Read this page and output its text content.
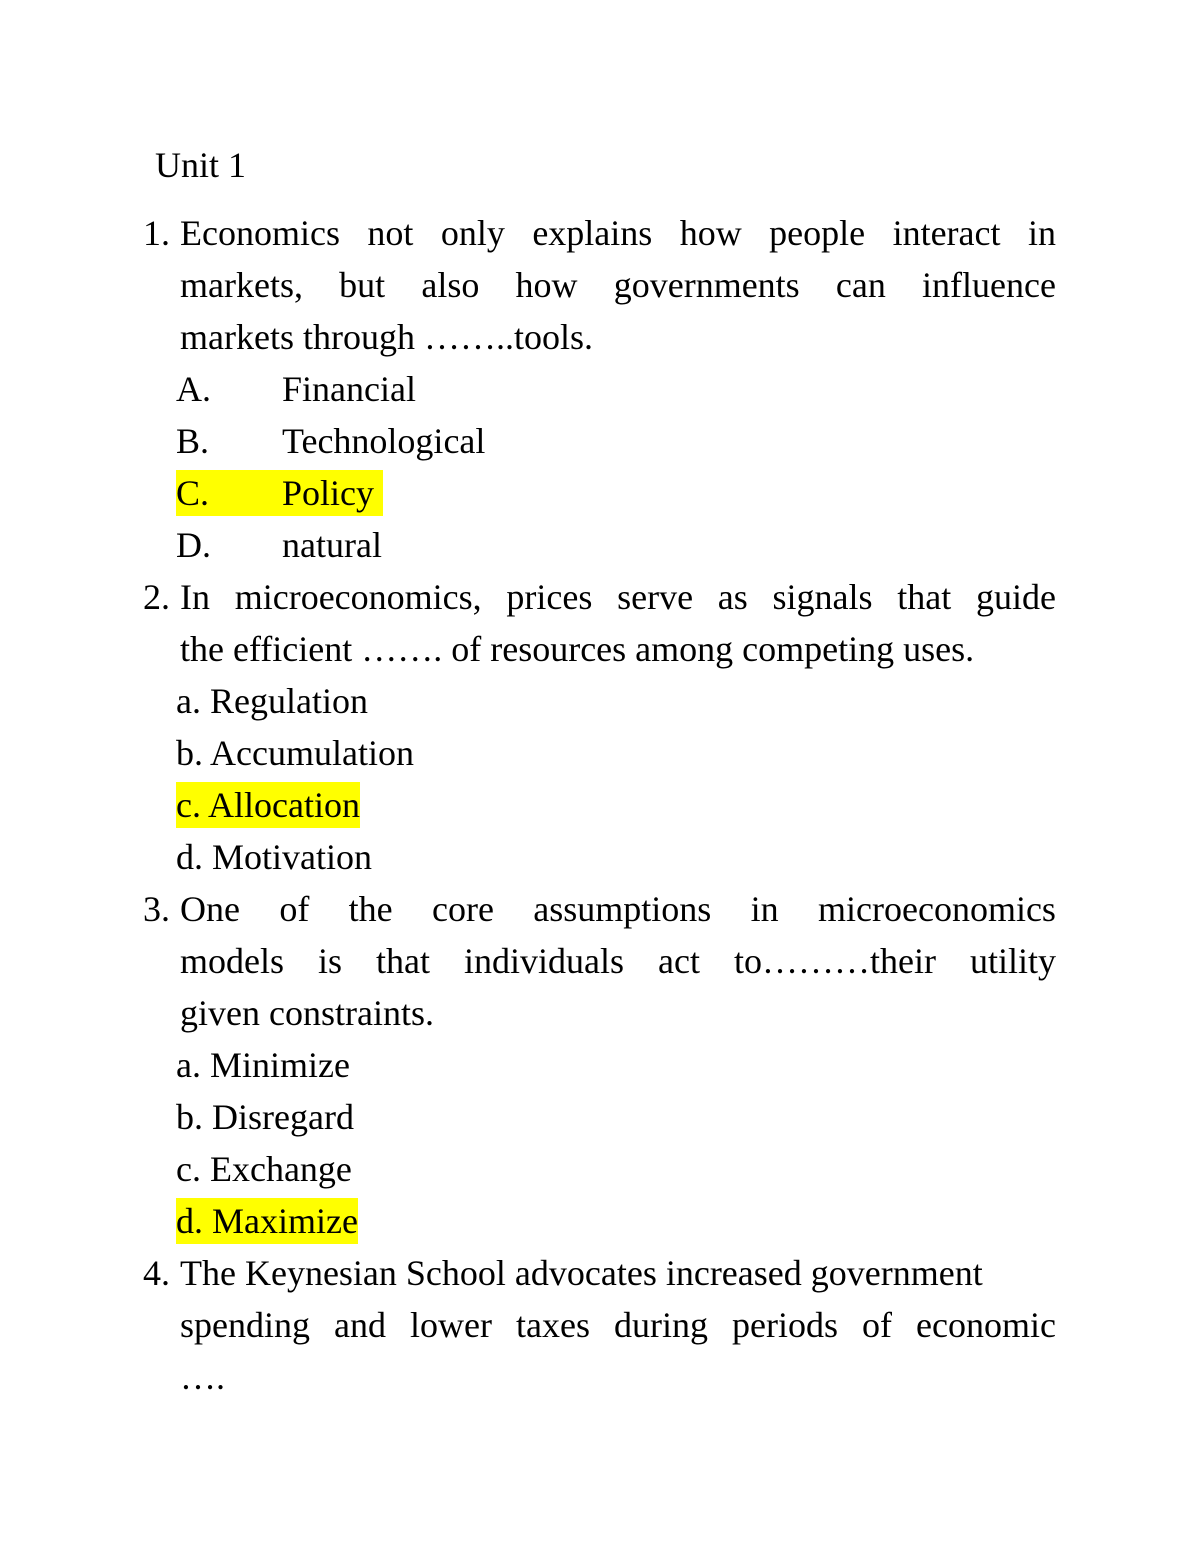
Unit 1
1. Economics not only explains how people interact in
markets, but also how governments can influence
markets through ……..tools.
A. Financial
B. Technological
C. Policy
D. natural
2. In microeconomics, prices serve as signals that guide
the efficient ……. of resources among competing uses.
a. Regulation
b. Accumulation
c. Allocation
d. Motivation
3. One of the core assumptions in microeconomics
models is that individuals act to………their utility
given constraints.
a. Minimize
b. Disregard
c. Exchange
d. Maximize
4. The Keynesian School advocates increased government
spending and lower taxes during periods of economic
….
